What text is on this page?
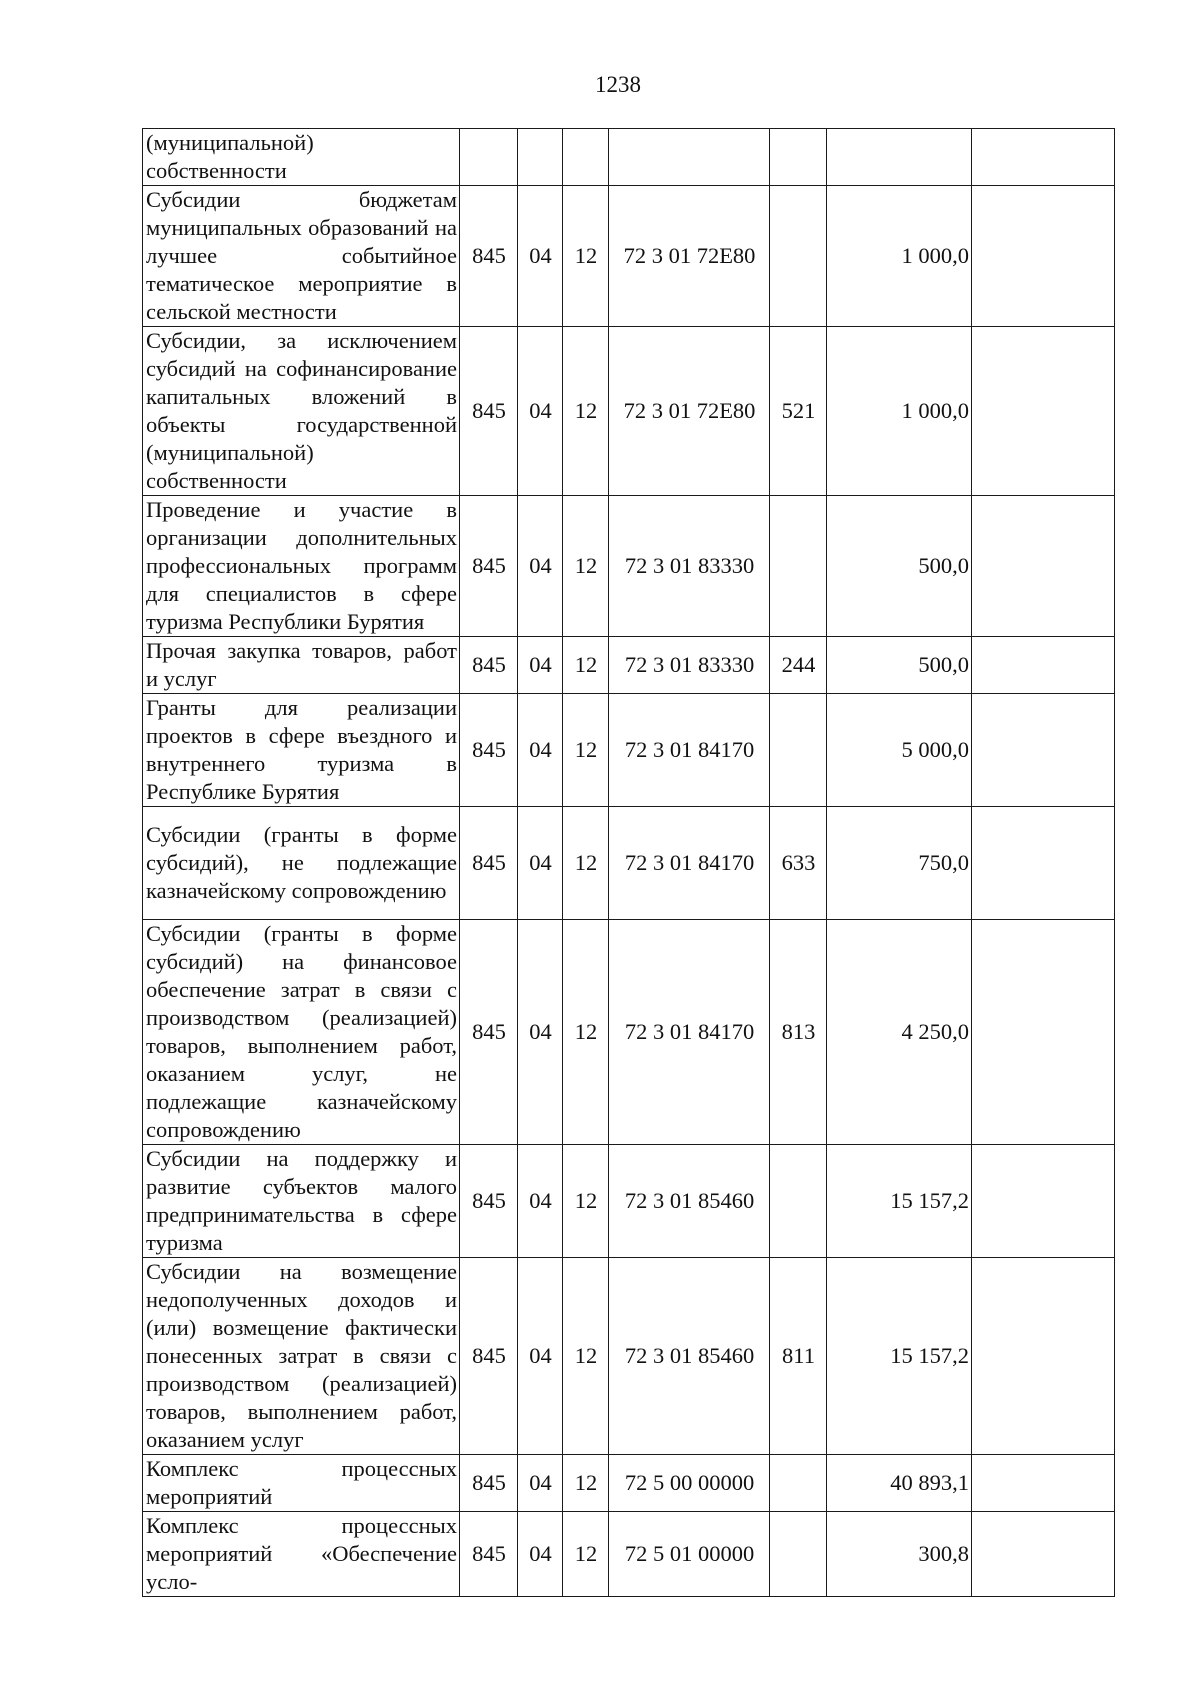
1238
(муниципальной) собственности							
Субсидии бюджетам муниципальных образований на лучшее событийное тематическое мероприятие в сельской местности	845	04	12	72 3 01 72Е80		1 000,0	
Субсидии, за исключением субсидий на софинансирование капитальных вложений в объекты государственной (муниципальной) собственности	845	04	12	72 3 01 72Е80	521	1 000,0	
Проведение и участие в организации дополнительных профессиональных программ для специалистов в сфере туризма Республики Бурятия	845	04	12	72 3 01 83330		500,0	
Прочая закупка товаров, работ и услуг	845	04	12	72 3 01 83330	244	500,0	
Гранты для реализации проектов в сфере въездного и внутреннего туризма в Республике Бурятия	845	04	12	72 3 01 84170		5 000,0	
Субсидии (гранты в форме субсидий), не подлежащие казначейскому сопровождению	845	04	12	72 3 01 84170	633	750,0	
Субсидии (гранты в форме субсидий) на финансовое обеспечение затрат в связи с производством (реализацией) товаров, выполнением работ, оказанием услуг, не подлежащие казначейскому сопровождению	845	04	12	72 3 01 84170	813	4 250,0	
Субсидии на поддержку и развитие субъектов малого предпринимательства в сфере туризма	845	04	12	72 3 01 85460		15 157,2	
Субсидии на возмещение недополученных доходов и (или) возмещение фактически понесенных затрат в связи с производством (реализацией) товаров, выполнением работ, оказанием услуг	845	04	12	72 3 01 85460	811	15 157,2	
Комплекс процессных мероприятий	845	04	12	72 5 00 00000		40 893,1	
Комплекс процессных мероприятий «Обеспечение усло-	845	04	12	72 5 01 00000		300,8	
